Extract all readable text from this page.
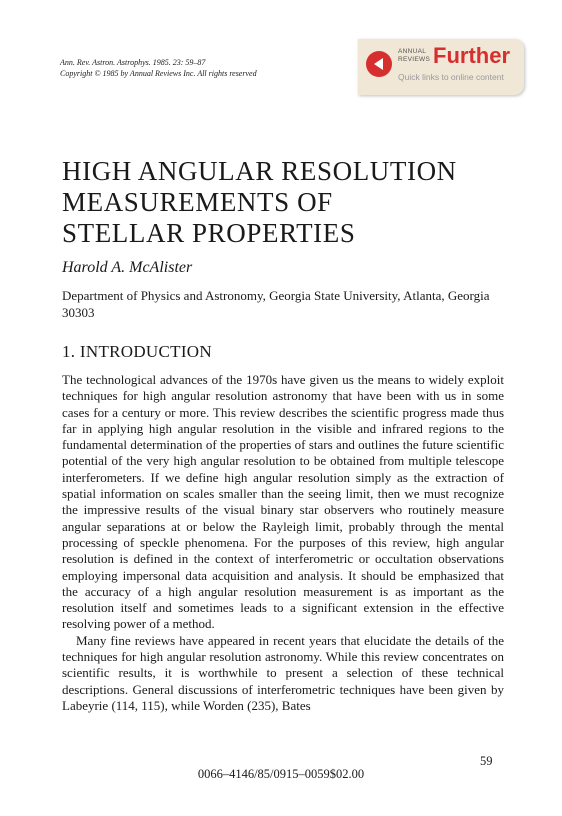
Ann. Rev. Astron. Astrophys. 1985. 23: 59–87
Copyright © 1985 by Annual Reviews Inc. All rights reserved
ANNUAL
REVIEWS Further
Quick links to online content
HIGH ANGULAR RESOLUTION
MEASUREMENTS OF
STELLAR PROPERTIES
Harold A. McAlister
Department of Physics and Astronomy, Georgia State University, Atlanta, Georgia 30303
1. INTRODUCTION

The technological advances of the 1970s have given us the means to widely exploit techniques for high angular resolution astronomy that have been with us in some cases for a century or more. This review describes the scientific progress made thus far in applying high angular resolution in the visible and infrared regions to the fundamental determination of the properties of stars and outlines the future scientific potential of the very high angular resolution to be obtained from multiple telescope interferometers. If we define high angular resolution simply as the extraction of spatial information on scales smaller than the seeing limit, then we must recognize the impressive results of the visual binary star observers who routinely measure angular separations at or below the Rayleigh limit, probably through the mental processing of speckle phenomena. For the purposes of this review, high angular resolution is defined in the context of interferometric or occultation observations employing impersonal data acquisition and analysis. It should be emphasized that the accuracy of a high angular resolution measurement is as important as the resolution itself and sometimes leads to a significant extension in the effective resolving power of a method.

Many fine reviews have appeared in recent years that elucidate the details of the techniques for high angular resolution astronomy. While this review concentrates on scientific results, it is worthwhile to present a selection of these technical descriptions. General discussions of interferometric techniques have been given by Labeyrie (114, 115), while Worden (235), Bates

59
0066–4146/85/0915–0059$02.00
